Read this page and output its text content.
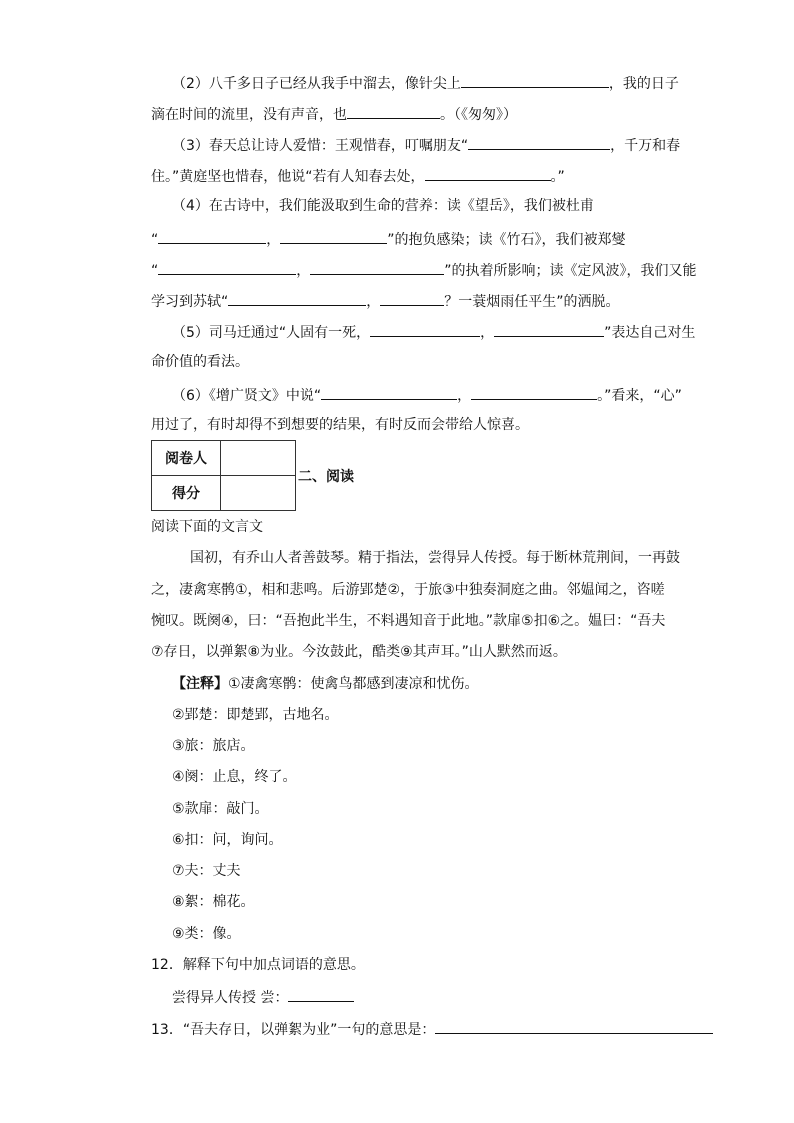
（2）八千多日子已经从我手中溜去，像针尖上	，我的日子
滴在时间的流里，没有声音，也	。（《匆匆》）
（3）春天总让诗人爱惜：王观惜春，叮嘱朋友“	，千万和春
住。”黄庭坚也惜春，他说“若有人知春去处，	。”
（4）在古诗中，我们能汲取到生命的营养：读《望岳》，我们被杜甫
“	，	”的抱负感染；读《竹石》，我们被郑燮
“	，	”的执着所影响；读《定风波》，我们又能
学习到苏轼“	，	？一蓑烟雨任平生”的洒脱。
（5）司马迁通过“人固有一死，	，	”表达自己对生
命价值的看法。
（6）《增广贤文》中说“	，	。”看来，“心”
用过了，有时却得不到想要的结果，有时反而会带给人惊喜。
阅卷人	
得分	
二、阅读
阅读下面的文言文
国初，有乔山人者善鼓琴。精于指法，尝得异人传授。每于断林荒荆间，一再鼓
之，凄禽寒鹘①，相和悲鸣。后游郢楚②，于旅③中独奏洞庭之曲。邻媪闻之，咨嗟
惋叹。既阕④，曰：“吾抱此半生，不料遇知音于此地。”款扉⑤扣⑥之。媪曰：“吾夫
⑦存日，以弹絮⑧为业。今汝鼓此，酷类⑨其声耳。”山人默然而返。
【注释】①凄禽寒鹘：使禽鸟都感到凄凉和忧伤。
②郢楚：即楚郢，古地名。
③旅：旅店。
④阕：止息，终了。
⑤款扉：敲门。
⑥扣：问，询问。
⑦夫：丈夫
⑧絮：棉花。
⑨类：像。
12．解释下句中加点词语的意思。
尝得异人传授 尝：
13．“吾夫存日，以弹絮为业”一句的意思是：
